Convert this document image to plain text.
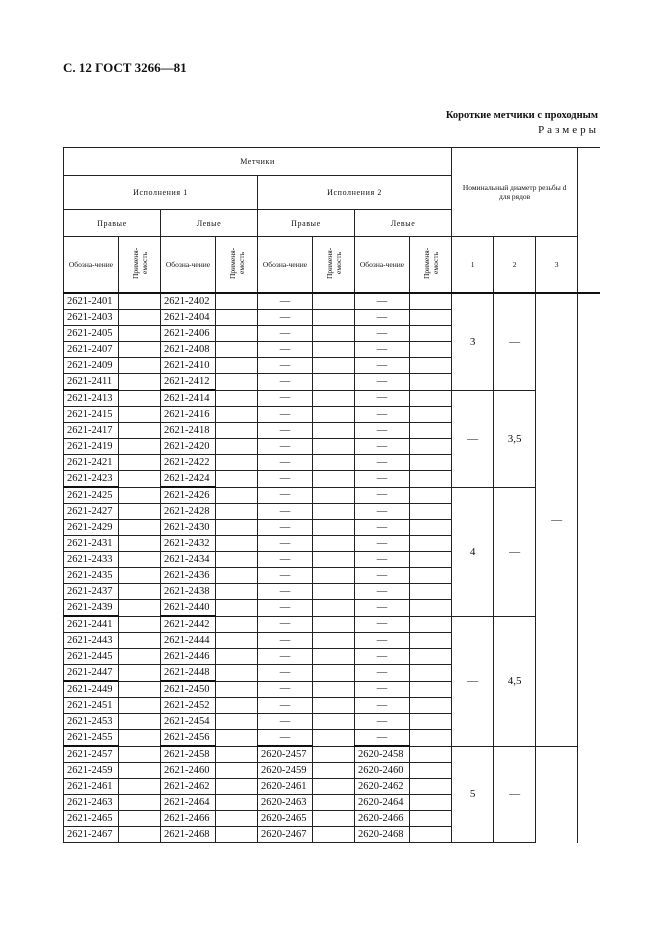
С. 12 ГОСТ 3266—81
Короткие метчики с проходным
Размеры
Метчики								Номинальный диаметр резьбы d для рядов			
Исполнения 1				Исполнения 2							
Правые		Левые		Правые		Левые					
Обозна-чение	Применя-емость	Обозна-чение	Применя-емость	Обозна-чение	Применя-емость	Обозна-чение	Применя-емость	1	2	3	
2621-2401		2621-2402		—		—		3	—	—	
2621-2403		2621-2404		—		—					
2621-2405		2621-2406		—		—					
2621-2407		2621-2408		—		—					
2621-2409		2621-2410		—		—					
2621-2411		2621-2412		—		—					
2621-2413		2621-2414		—		—		—	3,5		
2621-2415		2621-2416		—		—					
2621-2417		2621-2418		—		—					
2621-2419		2621-2420		—		—					
2621-2421		2621-2422		—		—					
2621-2423		2621-2424		—		—					
2621-2425		2621-2426		—		—		4	—		
2621-2427		2621-2428		—		—					
2621-2429		2621-2430		—		—					
2621-2431		2621-2432		—		—					
2621-2433		2621-2434		—		—					
2621-2435		2621-2436		—		—					
2621-2437		2621-2438		—		—					
2621-2439		2621-2440		—		—					
2621-2441		2621-2442		—		—		—	4,5		
2621-2443		2621-2444		—		—					
2621-2445		2621-2446		—		—					
2621-2447		2621-2448		—		—					
2621-2449		2621-2450		—		—					
2621-2451		2621-2452		—		—					
2621-2453		2621-2454		—		—					
2621-2455		2621-2456		—		—					
2621-2457		2621-2458		2620-2457		2620-2458		5	—		
2621-2459		2621-2460		2620-2459		2620-2460					
2621-2461		2621-2462		2620-2461		2620-2462					
2621-2463		2621-2464		2620-2463		2620-2464					
2621-2465		2621-2466		2620-2465		2620-2466					
2621-2467		2621-2468		2620-2467		2620-2468					
